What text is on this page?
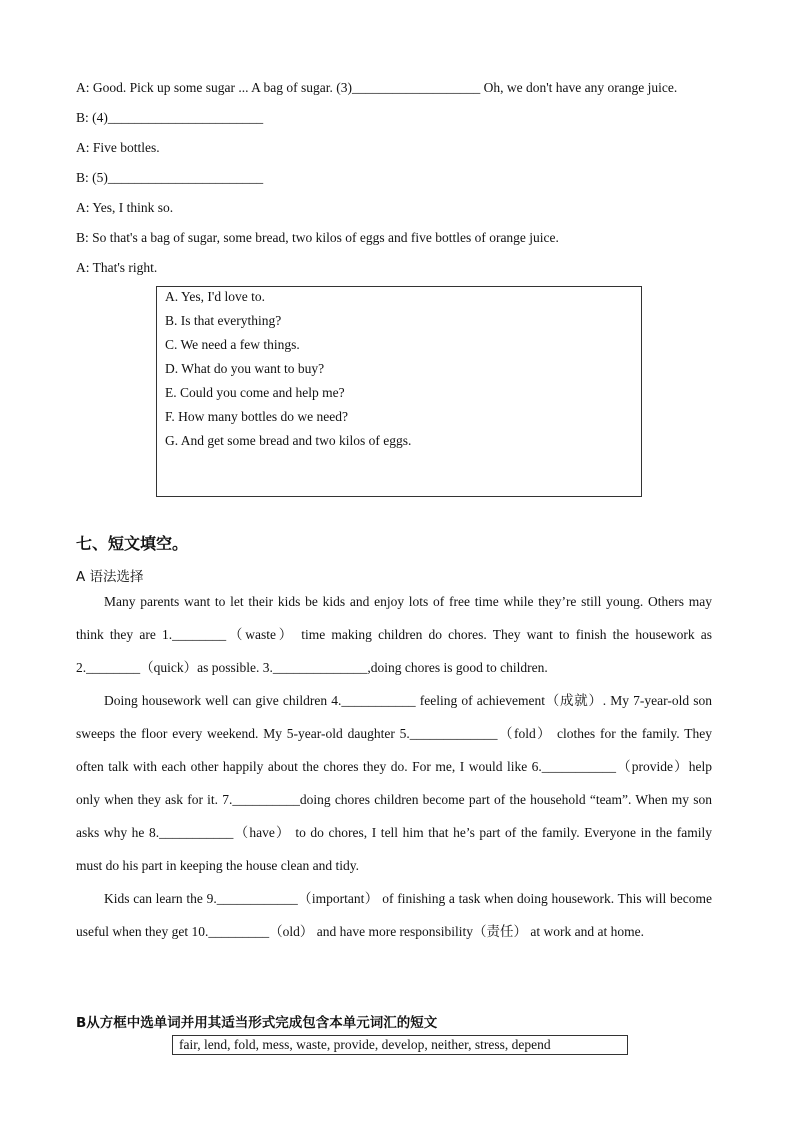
A: Good. Pick up some sugar ... A bag of sugar. (3)___________________ Oh, we don't have any orange juice.
B: (4)_______________________
A: Five bottles.
B: (5)_______________________
A: Yes, I think so.
B: So that's a bag of sugar, some bread, two kilos of eggs and five bottles of orange juice.
A: That's right.
A. Yes, I'd love to.
B. Is that everything?
C. We need a few things.
D. What do you want to buy?
E. Could you come and help me?
F. How many bottles do we need?
G. And get some bread and two kilos of eggs.
七、短文填空。
A 语法选择

Many parents want to let their kids be kids and enjoy lots of free time while they’re still young. Others may think they are 1.________（waste） time making children do chores. They want to finish the housework as 2.________（quick）as possible. 3.______________,doing chores is good to children.

Doing housework well can give children 4.___________ feeling of achievement（成就）. My 7-year-old son sweeps the floor every weekend. My 5-year-old daughter 5._____________（fold） clothes for the family. They often talk with each other happily about the chores they do. For me, I would like 6.___________（provide）help only when they ask for it. 7.__________doing chores children become part of the household “team”. When my son asks why he 8.___________（have） to do chores, I tell him that he’s part of the family. Everyone in the family must do his part in keeping the house clean and tidy.

Kids can learn the 9.____________（important） of finishing a task when doing housework. This will become useful when they get 10._________（old） and have more responsibility（责任） at work and at home.

B从方框中选单词并用其适当形式完成包含本单元词汇的短文
fair, lend, fold, mess, waste, provide, develop, neither, stress, depend
